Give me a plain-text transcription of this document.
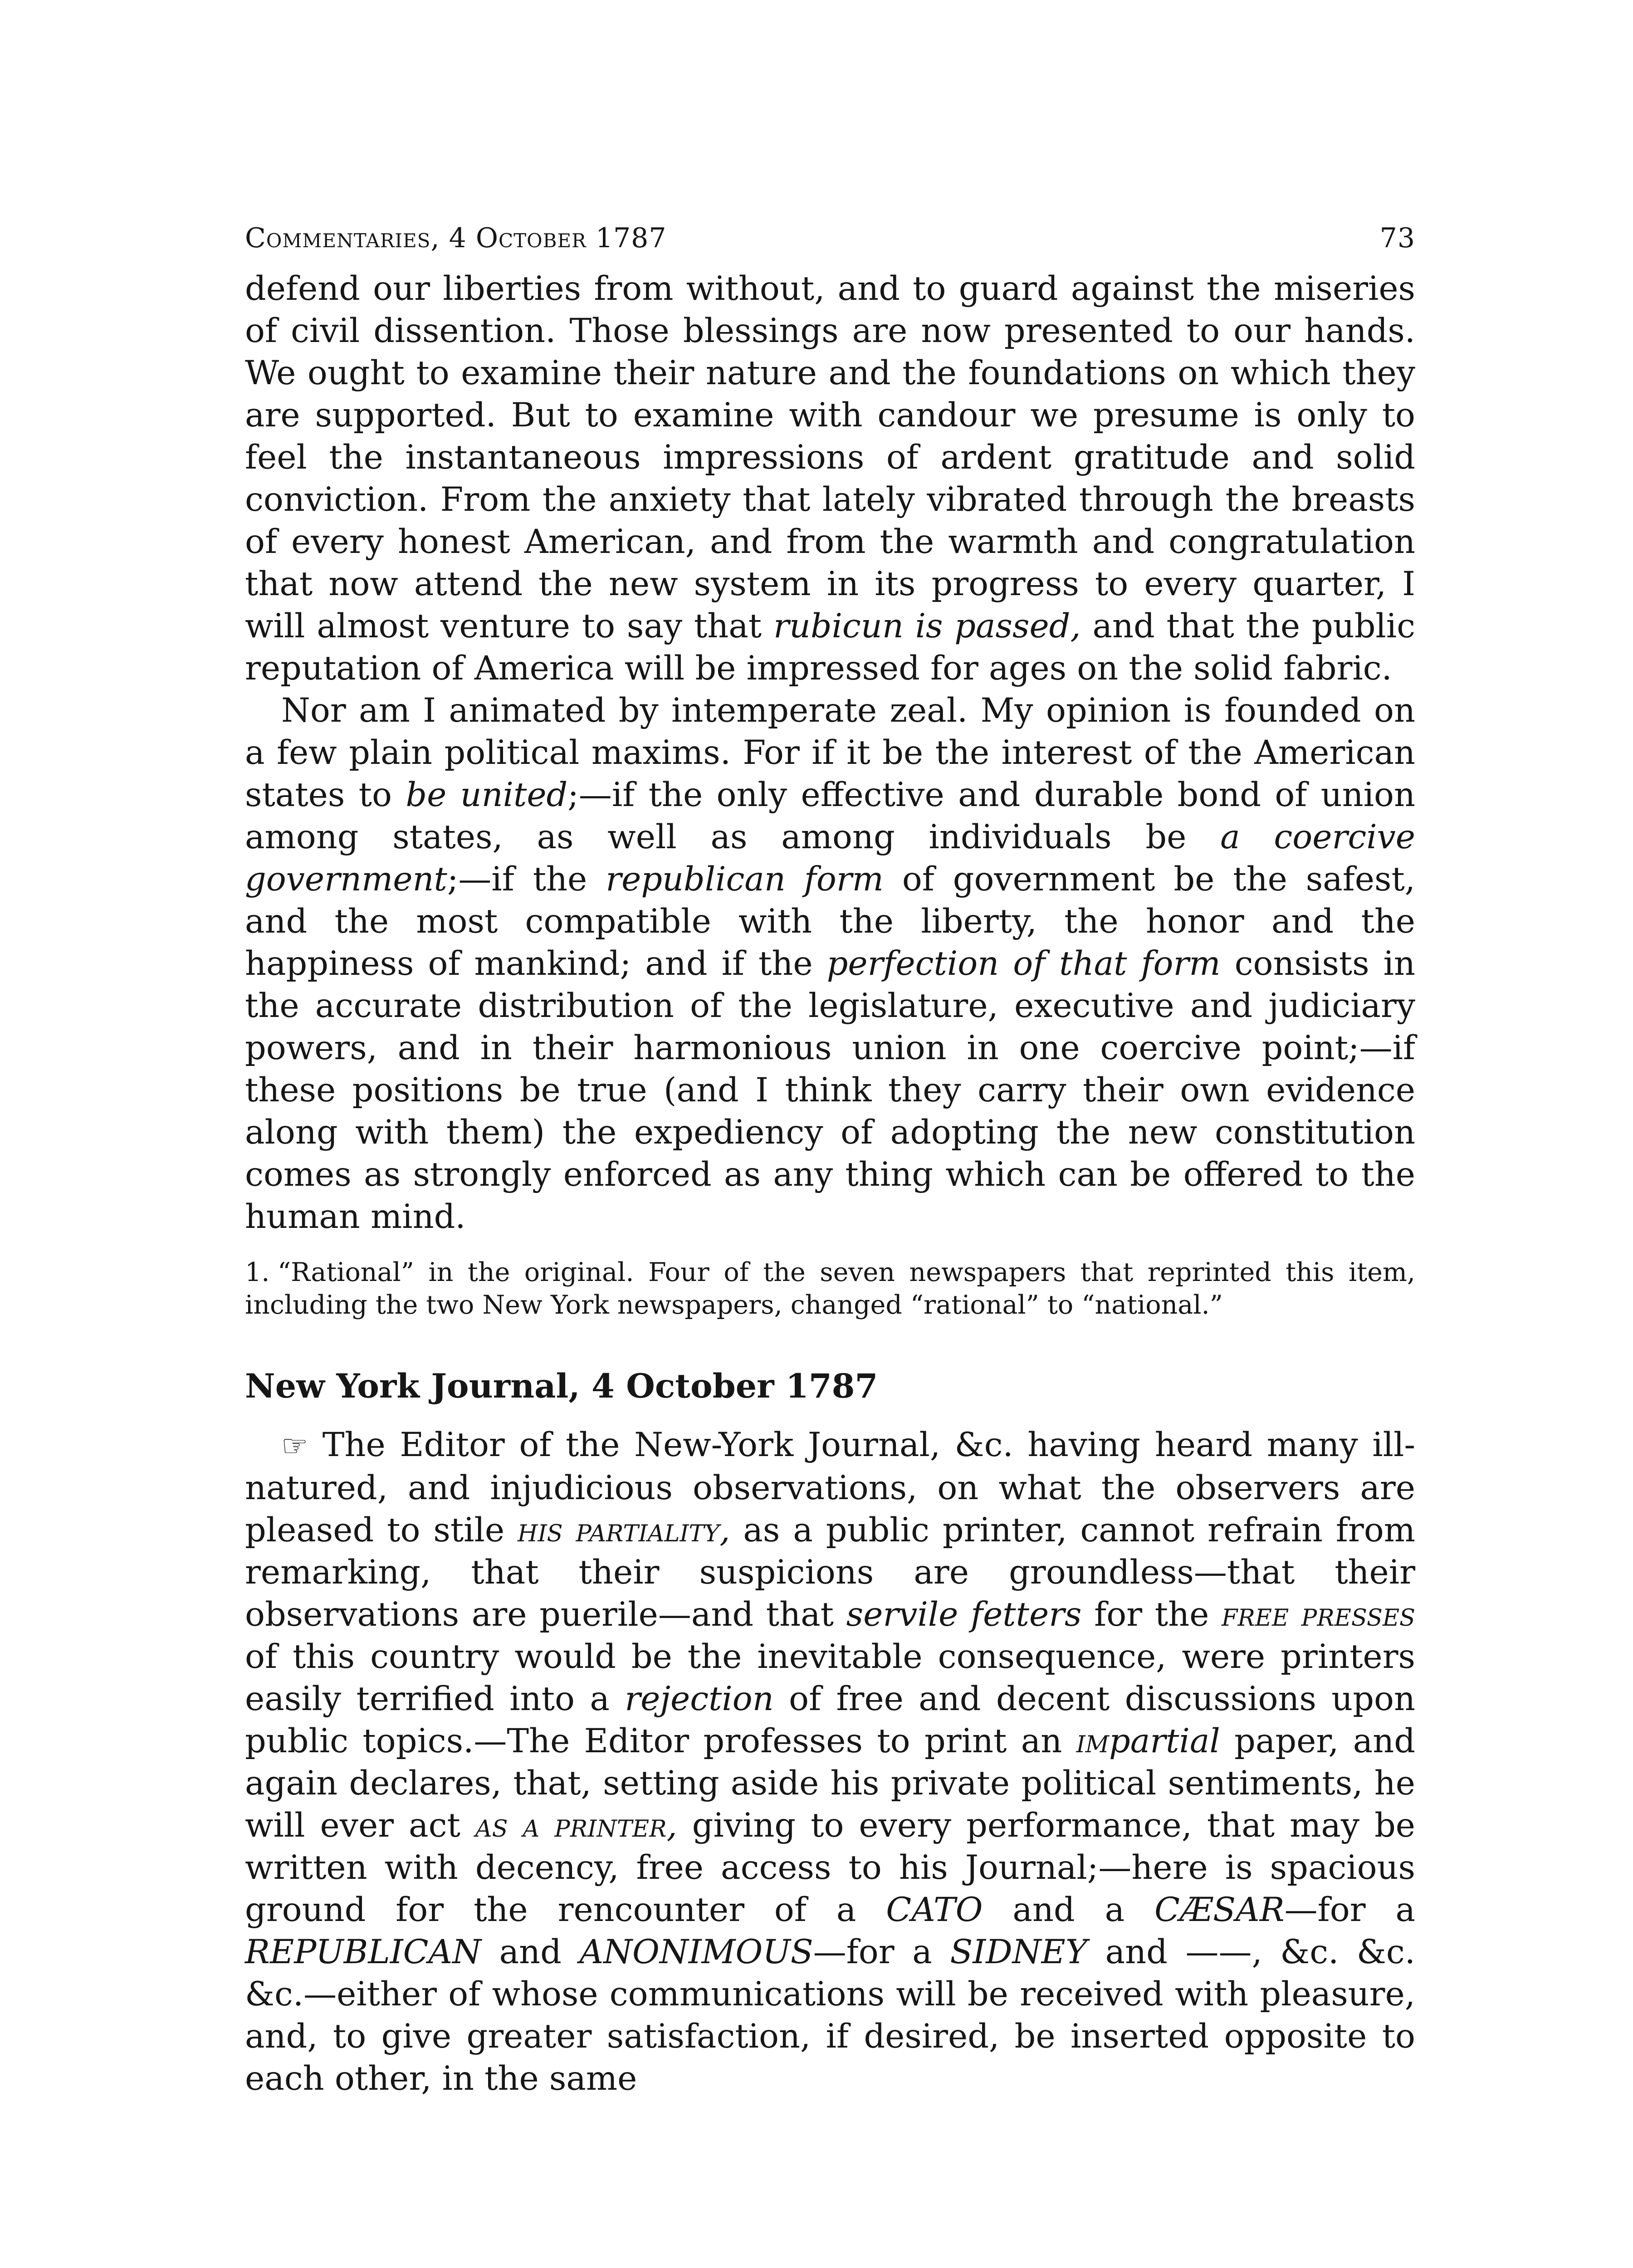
Commentaries, 4 October 1787	73

defend our liberties from without, and to guard against the miseries of civil dissention. Those blessings are now presented to our hands. We ought to examine their nature and the foundations on which they are supported. But to examine with candour we presume is only to feel the instantaneous impressions of ardent gratitude and solid conviction. From the anxiety that lately vibrated through the breasts of every honest American, and from the warmth and congratulation that now attend the new system in its progress to every quarter, I will almost venture to say that rubicun is passed, and that the public reputation of America will be impressed for ages on the solid fabric.

Nor am I animated by intemperate zeal. My opinion is founded on a few plain political maxims. For if it be the interest of the American states to be united;—if the only effective and durable bond of union among states, as well as among individuals be a coercive government;—if the republican form of government be the safest, and the most compatible with the liberty, the honor and the happiness of mankind; and if the perfection of that form consists in the accurate distribution of the legislature, executive and judiciary powers, and in their harmonious union in one coercive point;—if these positions be true (and I think they carry their own evidence along with them) the expediency of adopting the new constitution comes as strongly enforced as any thing which can be offered to the human mind.

1. “Rational” in the original. Four of the seven newspapers that reprinted this item, including the two New York newspapers, changed “rational” to “national.”

New York Journal, 4 October 1787

☞ The Editor of the New-York Journal, &c. having heard many ill-natured, and injudicious observations, on what the observers are pleased to stile his partiality, as a public printer, cannot refrain from remarking, that their suspicions are groundless—that their observations are puerile—and that servile fetters for the free presses of this country would be the inevitable consequence, were printers easily terrified into a rejection of free and decent discussions upon public topics.—The Editor professes to print an impartial paper, and again declares, that, setting aside his private political sentiments, he will ever act as a printer, giving to every performance, that may be written with decency, free access to his Journal;—here is spacious ground for the rencounter of a CATO and a CÆSAR—for a REPUBLICAN and ANONIMOUS—for a SIDNEY and ——, &c. &c. &c.—either of whose communications will be received with pleasure, and, to give greater satisfaction, if desired, be inserted opposite to each other, in the same
